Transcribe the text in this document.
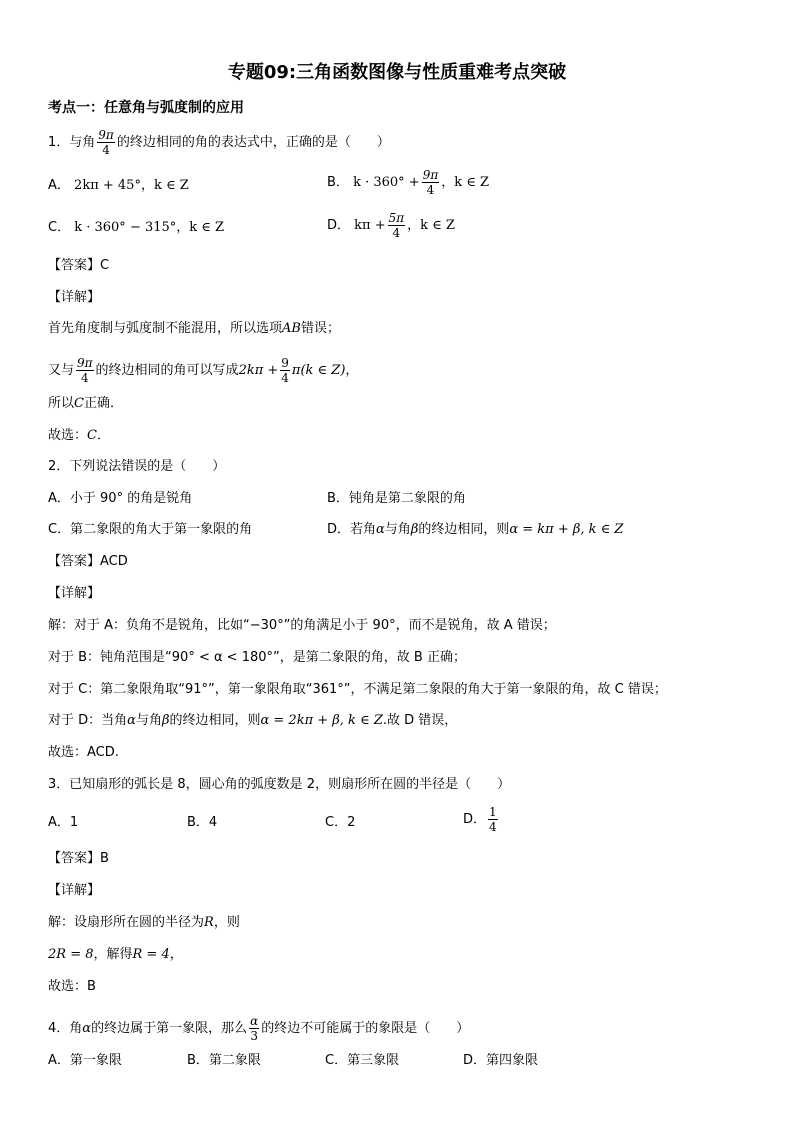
专题09:三角函数图像与性质重难考点突破
考点一：任意角与弧度制的应用
1．与角 $\frac{9\pi}{4}$ 的终边相同的角的表达式中，正确的是（　　）
A． 2kπ + 45°，k ∈ Z	B． $k \cdot 360^\circ + \frac{9\pi}{4}$ ，k ∈ Z
C． k · 360° − 315°，k ∈ Z	D． $k\pi + \frac{5\pi}{4}$ ，k ∈ Z
【答案】C
【详解】
首先角度制与弧度制不能混用，所以选项AB错误；
又与 $\frac{9\pi}{4}$ 的终边相同的角可以写成$2k\pi + \frac{9}{4} \pi(k$ ∈ Z)，
所以C正确．
故选：C．
2．下列说法错误的是（　　）
A．小于 90° 的角是锐角	B．钝角是第二象限的角
C．第二象限的角大于第一象限的角	D．若角α与角β的终边相同，则α = kπ + β, k ∈ Z
【答案】ACD
【详解】
解：对于 A：负角不是锐角，比如“−30°”的角满足小于 90°，而不是锐角，故 A 错误；
对于 B：钝角范围是“90° < α < 180°”，是第二象限的角，故 B 正确；
对于 C：第二象限角取“91°”，第一象限角取“361°”，不满足第二象限的角大于第一象限的角，故 C 错误；
对于 D：当角α与角β的终边相同，则α = 2kπ + β, k ∈ Z.故 D 错误，
故选：ACD.
3．已知扇形的弧长是 8，圆心角的弧度数是 2，则扇形所在圆的半径是（　　）
A．1	B．4	C．2	D． $\frac{1}{4}$
【答案】B
【详解】
解：设扇形所在圆的半径为R，则
2R = 8，解得R = 4，
故选：B
4．角α的终边属于第一象限，那么 $\frac{\alpha}{3}$ 的终边不可能属于的象限是（　　）
A．第一象限	B．第二象限	C．第三象限	D．第四象限
